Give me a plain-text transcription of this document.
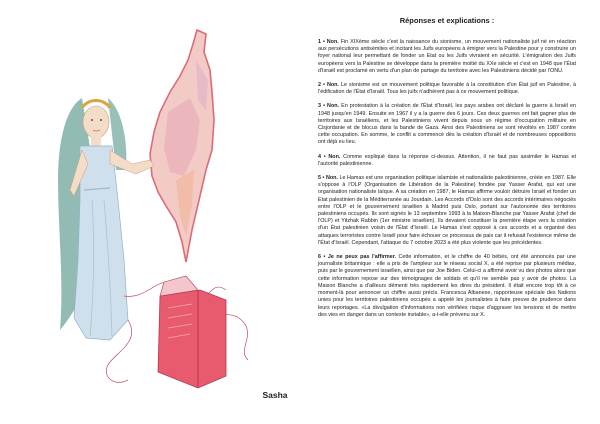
Sasha
Réponses et explications :

1 • Non. Fin XIXème siècle c'est la naissance du sionisme, un mouvement nationaliste juif né en réaction aux persécutions antisémites et incitant les Juifs européens à émigrer vers la Palestine pour y construire un foyer national leur permettant de fonder un Etat ou les Juifs vivraient en sécurité. L'émigration des Juifs européens vers la Palestine se développe dans la première moitié du XXe siècle et c'est en 1948 que l'État d'Israël est proclamé en vertu d'un plan de partage du territoire avec les Palestiniens décidé par l'ONU.

2 • Non. Le sionisme est un mouvement politique favorable à la constitution d'un État juif en Palestine, à l'édification de l'État d'Israël. Tous les juifs n'adhèrent pas à ce mouvement politique.

3 • Non. En protestation à la création de l'État d'Israël, les pays arabes ont déclaré la guerre à Israël en 1948 jusqu'en 1949. Ensuite en 1967 il y a la guerre des 6 jours. Ces deux guerres ont fait gagner plus de territoires aux Israéliens, et les Palestiniens vivent depuis sous un régime d'occupation militaire en Cisjordanie et de blocus dans la bande de Gaza. Ainsi des Palestiniens se sont révoltés en 1987 contre cette occupation. En somme, le conflit a commencé dès la création d'Israël et de nombreuses oppositions ont déjà eu lieu.

4 • Non. Comme expliqué dans la réponse ci-dessus. Attention, il ne faut pas assimiler le Hamas et l'autorité palestinienne.

5 • Non. Le Hamas est une organisation politique islamiste et nationaliste palestinienne, créée en 1987. Elle s'oppose à l'OLP (Organisation de Libération de la Palestine) fondée par Yasser Arafat, qui est une organisation nationaliste laïque. A sa création en 1987, le Hamas affirme vouloir détruire Israël et fonder un Etat palestinien de la Méditerranée au Jourdain. Les Accords d'Oslo sont des accords intérimaires négociés entre l'OLP et le gouvernement israélien à Madrid puis Oslo, portant sur l'autonomie des territoires palestiniens occupés. Ils sont signés le 13 septembre 1993 à la Maison-Blanche par Yasser Arafat (chef de l'OLP) et Yitzhak Rabbin (1er ministre israélien). Ils devaient constituer la première étape vers la création d'un État palestinien voisin de l'État d'Israël. Le Hamas s'est opposé à ces accords et a organisé des attaques terroristes contre Israël pour faire échouer ce processus de paix car il refusait l'existence même de l'État d'Israël. Cependant, l'attaque du 7 octobre 2023 a été plus violente que les précédentes.

6 • Je ne peux pas l'affirmer. Cette information, et le chiffre de 40 bébés, ont été annoncés par une journaliste britannique : elle a pris de l'ampleur sur le réseau social X, a été reprise par plusieurs médias, puis par le gouvernement israélien, ainsi que par Joe Biden. Celui-ci a affirmé avoir vu des photos alors que cette information repose sur des témoignages de soldats et qu'il ne semble pas y avoir de photos. La Maison Blanche a d'ailleurs démenti très rapidement les dires du président. Il était encore trop tôt à ce moment-là pour annoncer un chiffre aussi précis. Francesca Albanese, rapporteuse spéciale des Nations unies pour les territoires palestiniens occupés a appelé les journalistes à faire preuve de prudence dans leurs reportages. «La divulgation d'informations non vérifiées risque d'aggraver les tensions et de mettre des vies en danger dans un contexte instable», a-t-elle prévenu sur X.
